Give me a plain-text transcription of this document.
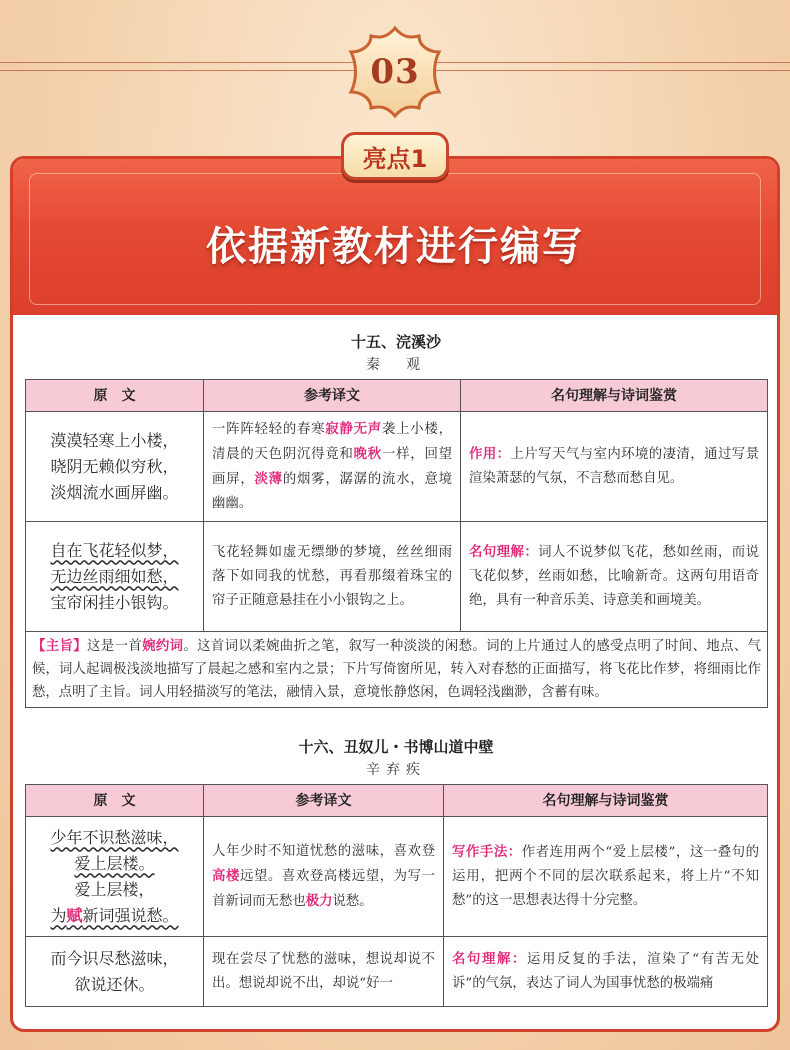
03
依据新教材进行编写
十五、浣溪沙
秦　观
原　文	参考译文	名句理解与诗词鉴赏

漠漠轻寒上小楼，
晓阴无赖似穷秋，
淡烟流水画屏幽。	一阵阵轻轻的春寒寂静无声袭上小楼，清晨的天色阴沉得竟和晚秋一样，回望画屏，淡薄的烟雾，潺潺的流水，意境幽幽。	作用：上片写天气与室内环境的凄清，通过写景渲染萧瑟的气氛，不言愁而愁自见。

自在飞花轻似梦，
无边丝雨细如愁，
宝帘闲挂小银钩。	飞花轻舞如虚无缥缈的梦境，丝丝细雨落下如同我的忧愁，再看那缀着珠宝的帘子正随意悬挂在小小银钩之上。	名句理解：词人不说梦似飞花，愁如丝雨，而说飞花似梦，丝雨如愁，比喻新奇。这两句用语奇绝，具有一种音乐美、诗意美和画境美。
【主旨】这是一首婉约词。这首词以柔婉曲折之笔，叙写一种淡淡的闲愁。词的上片通过人的感受点明了时间、地点、气候，词人起调极浅淡地描写了晨起之感和室内之景；下片写倚窗所见，转入对春愁的正面描写，将飞花比作梦，将细雨比作愁，点明了主旨。词人用轻描淡写的笔法，融情入景，意境怅静悠闲，色调轻浅幽渺，含蓄有味。		
十六、丑奴儿・书博山道中壁
辛弃疾
原　文	参考译文	名句理解与诗词鉴赏

少年不识愁滋味，
爱上层楼。
爱上层楼，
为赋新词强说愁。	人年少时不知道忧愁的滋味，喜欢登高楼远望。喜欢登高楼远望，为写一首新词而无愁也极力说愁。	写作手法：作者连用两个“爱上层楼”，这一叠句的运用，把两个不同的层次联系起来，将上片“不知愁”的这一思想表达得十分完整。

而今识尽愁滋味，
欲说还休。	现在尝尽了忧愁的滋味，想说却说不出。想说却说不出，却说“好一	名句理解：运用反复的手法，渲染了“有苦无处诉”的气氛，表达了词人为国事忧愁的极端痛
亮点1
